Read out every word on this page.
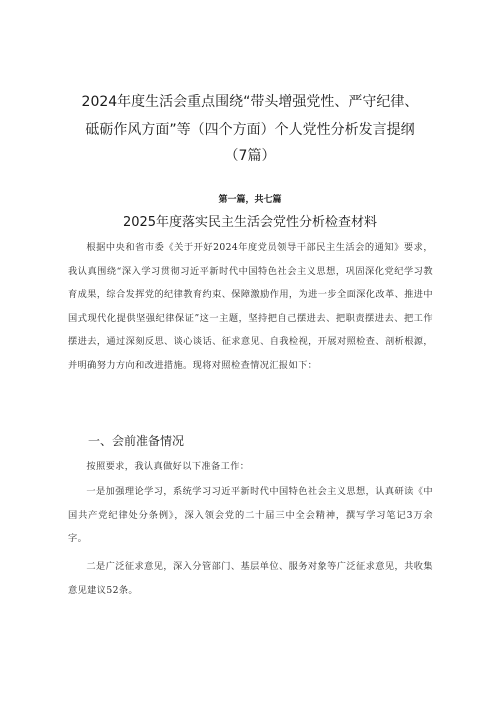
2024年度生活会重点围绕“带头增强党性、严守纪律、
砥砺作风方面”等（四个方面）个人党性分析发言提纲
（7篇）
第一篇，共七篇
2025年度落实民主生活会党性分析检查材料
根据中央和省市委《关于开好2024年度党员领导干部民主生活会的通知》要求，我认真围绕“深入学习贯彻习近平新时代中国特色社会主义思想，巩固深化党纪学习教育成果，综合发挥党的纪律教育约束、保障激励作用，为进一步全面深化改革、推进中国式现代化提供坚强纪律保证”这一主题，坚持把自己摆进去、把职责摆进去、把工作摆进去，通过深刻反思、谈心谈话、征求意见、自我检视，开展对照检查、剖析根源，并明确努力方向和改进措施。现将对照检查情况汇报如下：
一、会前准备情况
按照要求，我认真做好以下准备工作：
一是加强理论学习，系统学习习近平新时代中国特色社会主义思想，认真研读《中国共产党纪律处分条例》，深入领会党的二十届三中全会精神，撰写学习笔记3万余字。
二是广泛征求意见，深入分管部门、基层单位、服务对象等广泛征求意见，共收集意见建议52条。
